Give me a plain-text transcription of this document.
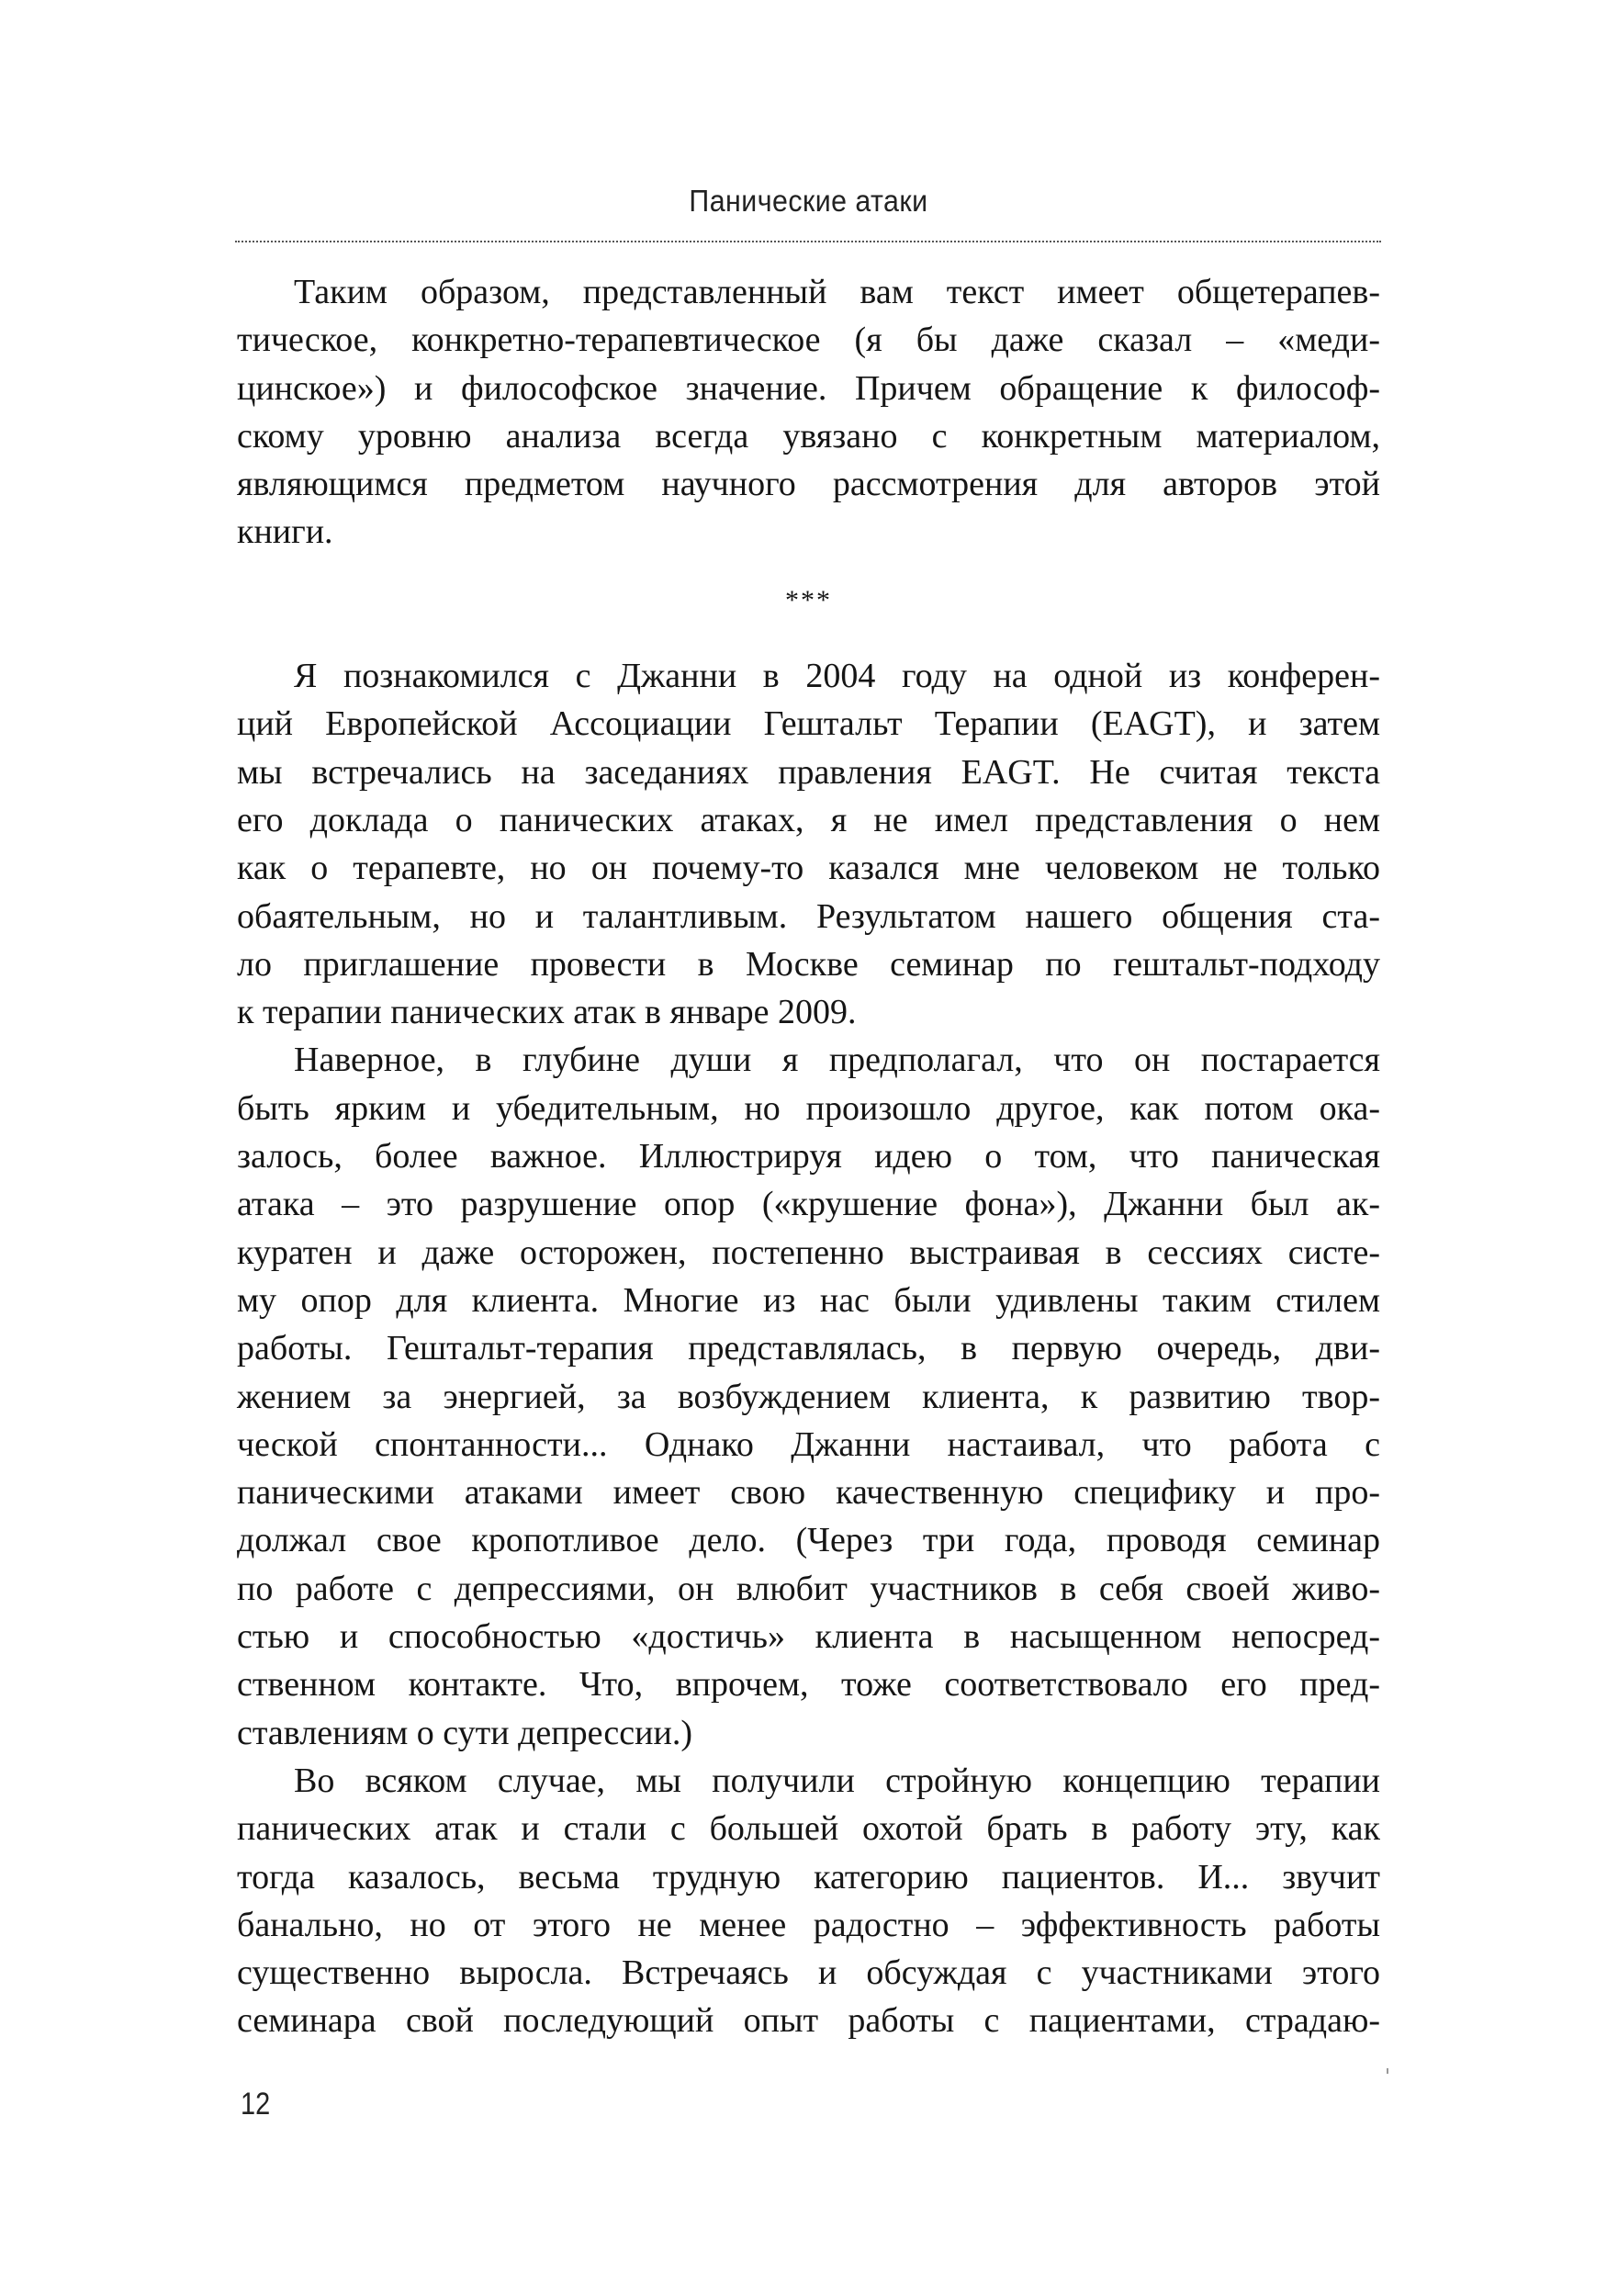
Панические атаки
Таким образом, представленный вам текст имеет общетерапев-
тическое, конкретно-терапевтическое (я бы даже сказал – «меди-
цинское») и философское значение. Причем обращение к философ-
скому уровню анализа всегда увязано с конкретным материалом,
являющимся предметом научного рассмотрения для авторов этой
книги.
***
Я познакомился с Джанни в 2004 году на одной из конферен-
ций Европейской Ассоциации Гештальт Терапии (EAGT), и затем
мы встречались на заседаниях правления EAGT. Не считая текста
его доклада о панических атаках, я не имел представления о нем
как о терапевте, но он почему-то казался мне человеком не только
обаятельным, но и талантливым. Результатом нашего общения ста-
ло приглашение провести в Москве семинар по гештальт-подходу
к терапии панических атак в январе 2009.
Наверное, в глубине души я предполагал, что он постарается
быть ярким и убедительным, но произошло другое, как потом ока-
залось, более важное. Иллюстрируя идею о том, что паническая
атака – это разрушение опор («крушение фона»), Джанни был ак-
куратен и даже осторожен, постепенно выстраивая в сессиях систе-
му опор для клиента. Многие из нас были удивлены таким стилем
работы. Гештальт-терапия представлялась, в первую очередь, дви-
жением за энергией, за возбуждением клиента, к развитию твор-
ческой спонтанности... Однако Джанни настаивал, что работа с
паническими атаками имеет свою качественную специфику и про-
должал свое кропотливое дело. (Через три года, проводя семинар
по работе с депрессиями, он влюбит участников в себя своей живо-
стью и способностью «достичь» клиента в насыщенном непосред-
ственном контакте. Что, впрочем, тоже соответствовало его пред-
ставлениям о сути депрессии.)
Во всяком случае, мы получили стройную концепцию терапии
панических атак и стали с большей охотой брать в работу эту, как
тогда казалось, весьма трудную категорию пациентов. И... звучит
банально, но от этого не менее радостно – эффективность работы
существенно выросла. Встречаясь и обсуждая с участниками этого
семинара свой последующий опыт работы с пациентами, страдаю-
12
